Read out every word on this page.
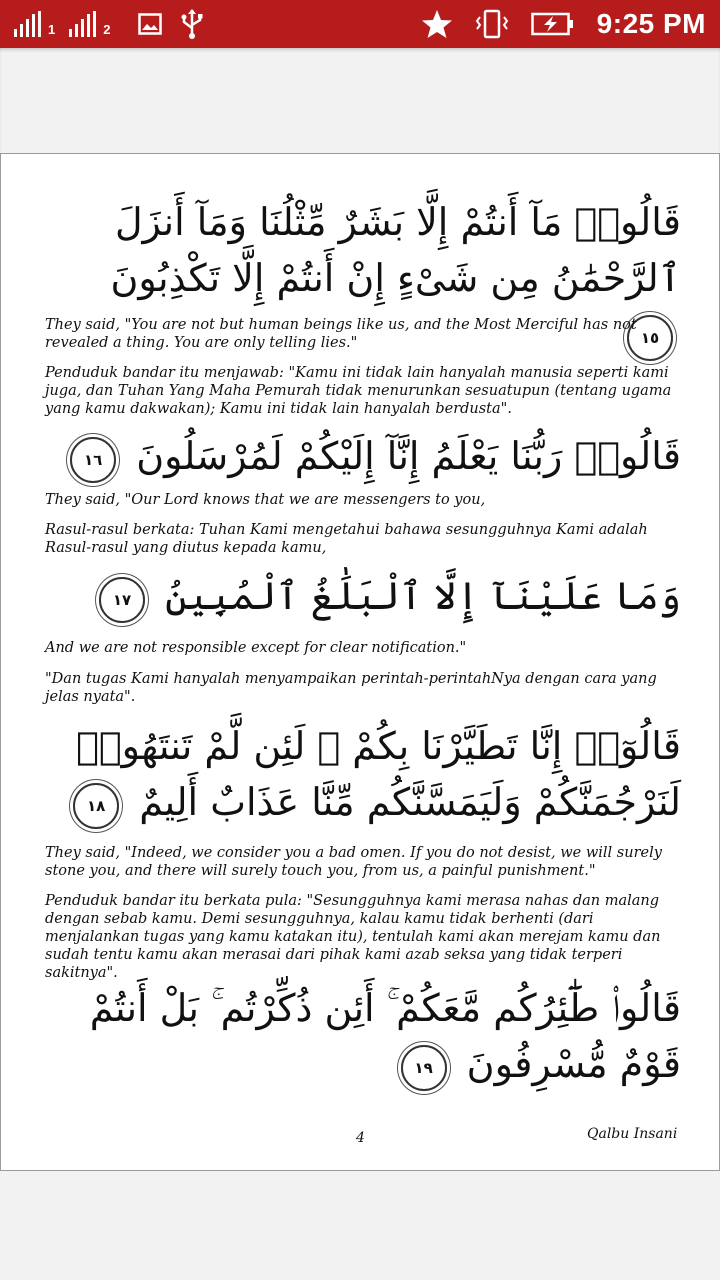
1	2	9:25 PM
قَالُوا۟ مَآ أَنتُمْ إِلَّا بَشَرٌ مِّثْلُنَا وَمَآ أَنزَلَ ٱلرَّحْمَٰنُ مِن شَىْءٍ إِنْ أَنتُمْ إِلَّا تَكْذِبُونَ ١٥
They said, "You are not but human beings like us, and the Most Merciful has not revealed a thing. You are only telling lies."
Penduduk bandar itu menjawab: "Kamu ini tidak lain hanyalah manusia seperti kami juga, dan Tuhan Yang Maha Pemurah tidak menurunkan sesuatupun (tentang ugama yang kamu dakwakan); Kamu ini tidak lain hanyalah berdusta".
قَالُوا۟ رَبُّنَا يَعْلَمُ إِنَّآ إِلَيْكُمْ لَمُرْسَلُونَ ١٦
They said, "Our Lord knows that we are messengers to you,
Rasul-rasul berkata: Tuhan Kami mengetahui bahawa sesungguhnya Kami adalah Rasul-rasul yang diutus kepada kamu,
وَمَا عَلَيْنَآ إِلَّا ٱلْبَلَٰغُ ٱلْمُبِينُ ١٧
And we are not responsible except for clear notification."
"Dan tugas Kami hanyalah menyampaikan perintah-perintahNya dengan cara yang jelas nyata".
قَالُوٓا۟ إِنَّا تَطَيَّرْنَا بِكُمْ ۖ لَئِن لَّمْ تَنتَهُوا۟ لَنَرْجُمَنَّكُمْ وَلَيَمَسَّنَّكُم مِّنَّا عَذَابٌ أَلِيمٌ ١٨
They said, "Indeed, we consider you a bad omen. If you do not desist, we will surely stone you, and there will surely touch you, from us, a painful punishment."
Penduduk bandar itu berkata pula: "Sesungguhnya kami merasa nahas dan malang dengan sebab kamu. Demi sesungguhnya, kalau kamu tidak berhenti (dari menjalankan tugas yang kamu katakan itu), tentulah kami akan merejam kamu dan sudah tentu kamu akan merasai dari pihak kami azab seksa yang tidak terperi sakitnya".
قَالُوا۟ طَٰٓئِرُكُم مَّعَكُمْ ۚ أَئِن ذُكِّرْتُم ۚ بَلْ أَنتُمْ قَوْمٌ مُّسْرِفُونَ ١٩
4	Qalbu Insani
